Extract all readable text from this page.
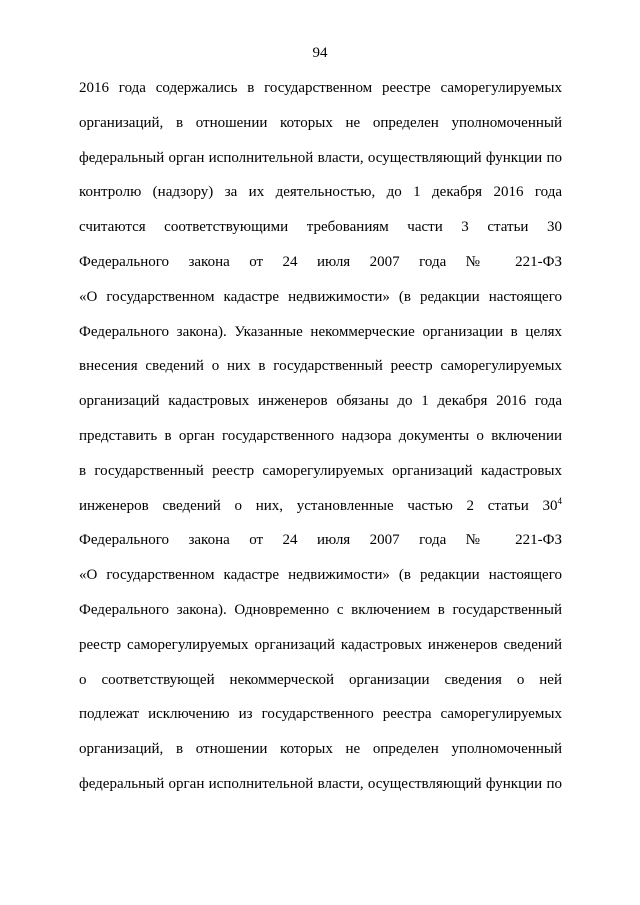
94
2016 года содержались в государственном реестре саморегулируемых
организаций, в отношении которых не определен уполномоченный
федеральный орган исполнительной власти, осуществляющий функции по
контролю (надзору) за их деятельностью, до 1 декабря 2016 года
считаются соответствующими требованиям части 3 статьи 30
Федерального закона от 24 июля 2007 года № 221-ФЗ
«О государственном кадастре недвижимости» (в редакции настоящего
Федерального закона). Указанные некоммерческие организации в целях
внесения сведений о них в государственный реестр саморегулируемых
организаций кадастровых инженеров обязаны до 1 декабря 2016 года
представить в орган государственного надзора документы о включении
в государственный реестр саморегулируемых организаций кадастровых
инженеров сведений о них, установленные частью 2 статьи $30^4$
Федерального закона от 24 июля 2007 года № 221-ФЗ
«О государственном кадастре недвижимости» (в редакции настоящего
Федерального закона). Одновременно с включением в государственный
реестр саморегулируемых организаций кадастровых инженеров сведений
о соответствующей некоммерческой организации сведения о ней
подлежат исключению из государственного реестра саморегулируемых
организаций, в отношении которых не определен уполномоченный
федеральный орган исполнительной власти, осуществляющий функции по
